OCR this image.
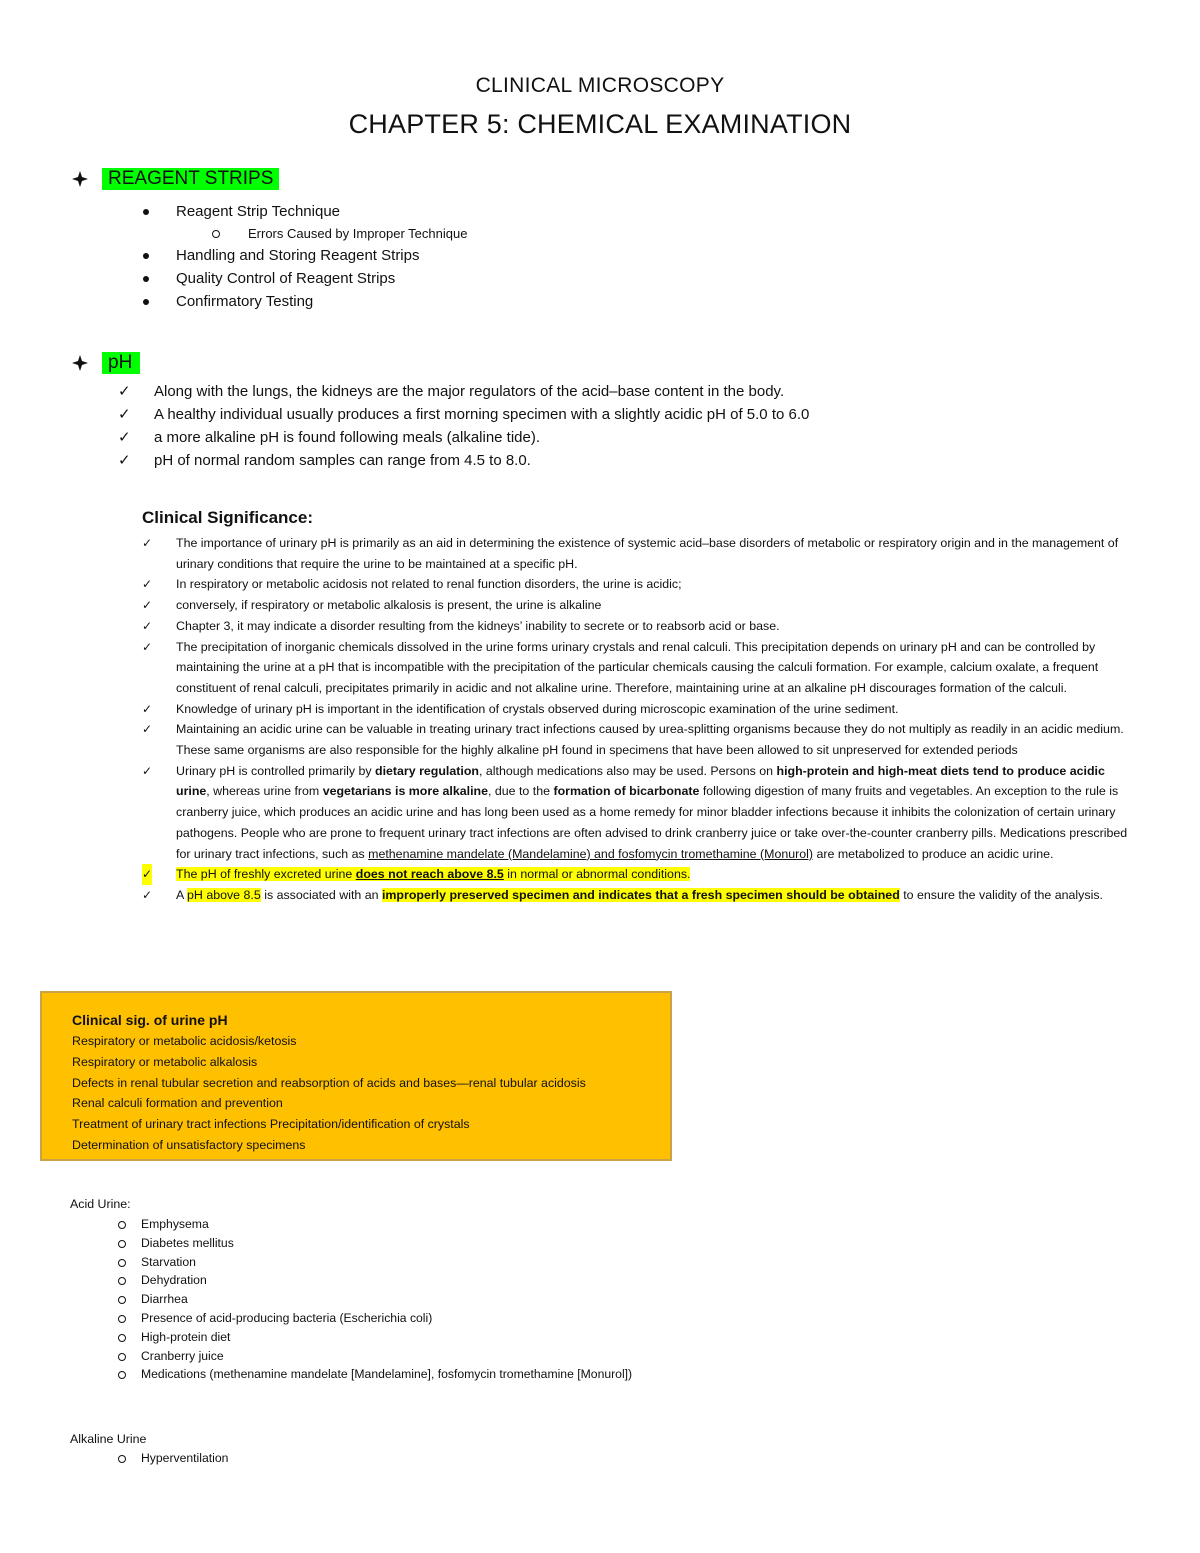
CLINICAL MICROSCOPY
CHAPTER 5: CHEMICAL EXAMINATION
REAGENT STRIPS
Reagent Strip Technique
Errors Caused by Improper Technique
Handling and Storing Reagent Strips
Quality Control of Reagent Strips
Confirmatory Testing
pH
✓ Along with the lungs, the kidneys are the major regulators of the acid–base content in the body.
✓ A healthy individual usually produces a first morning specimen with a slightly acidic pH of 5.0 to 6.0
✓ a more alkaline pH is found following meals (alkaline tide).
✓ pH of normal random samples can range from 4.5 to 8.0.
Clinical Significance:
✓ The importance of urinary pH is primarily as an aid in determining the existence of systemic acid–base disorders of metabolic or respiratory origin and in the management of urinary conditions that require the urine to be maintained at a specific pH.
✓ In respiratory or metabolic acidosis not related to renal function disorders, the urine is acidic;
✓ conversely, if respiratory or metabolic alkalosis is present, the urine is alkaline
✓ Chapter 3, it may indicate a disorder resulting from the kidneys’ inability to secrete or to reabsorb acid or base.
✓ The precipitation of inorganic chemicals dissolved in the urine forms urinary crystals and renal calculi. This precipitation depends on urinary pH and can be controlled by maintaining the urine at a pH that is incompatible with the precipitation of the particular chemicals causing the calculi formation. For example, calcium oxalate, a frequent constituent of renal calculi, precipitates primarily in acidic and not alkaline urine. Therefore, maintaining urine at an alkaline pH discourages formation of the calculi.
✓ Knowledge of urinary pH is important in the identification of crystals observed during microscopic examination of the urine sediment.
✓ Maintaining an acidic urine can be valuable in treating urinary tract infections caused by urea-splitting organisms because they do not multiply as readily in an acidic medium. These same organisms are also responsible for the highly alkaline pH found in specimens that have been allowed to sit unpreserved for extended periods
✓ Urinary pH is controlled primarily by dietary regulation, although medications also may be used. Persons on high-protein and high-meat diets tend to produce acidic urine, whereas urine from vegetarians is more alkaline, due to the formation of bicarbonate following digestion of many fruits and vegetables. An exception to the rule is cranberry juice, which produces an acidic urine and has long been used as a home remedy for minor bladder infections because it inhibits the colonization of certain urinary pathogens. People who are prone to frequent urinary tract infections are often advised to drink cranberry juice or take over-the-counter cranberry pills. Medications prescribed for urinary tract infections, such as methenamine mandelate (Mandelamine) and fosfomycin tromethamine (Monurol) are metabolized to produce an acidic urine.
✓ The pH of freshly excreted urine does not reach above 8.5 in normal or abnormal conditions.
✓ A pH above 8.5 is associated with an improperly preserved specimen and indicates that a fresh specimen should be obtained to ensure the validity of the analysis.
Clinical sig. of urine pH
Respiratory or metabolic acidosis/ketosis
Respiratory or metabolic alkalosis
Defects in renal tubular secretion and reabsorption of acids and bases—renal tubular acidosis
Renal calculi formation and prevention
Treatment of urinary tract infections Precipitation/identification of crystals
Determination of unsatisfactory specimens
Acid Urine:
Emphysema
Diabetes mellitus
Starvation
Dehydration
Diarrhea
Presence of acid-producing bacteria (Escherichia coli)
High-protein diet
Cranberry juice
Medications (methenamine mandelate [Mandelamine], fosfomycin tromethamine [Monurol])
Alkaline Urine
Hyperventilation
